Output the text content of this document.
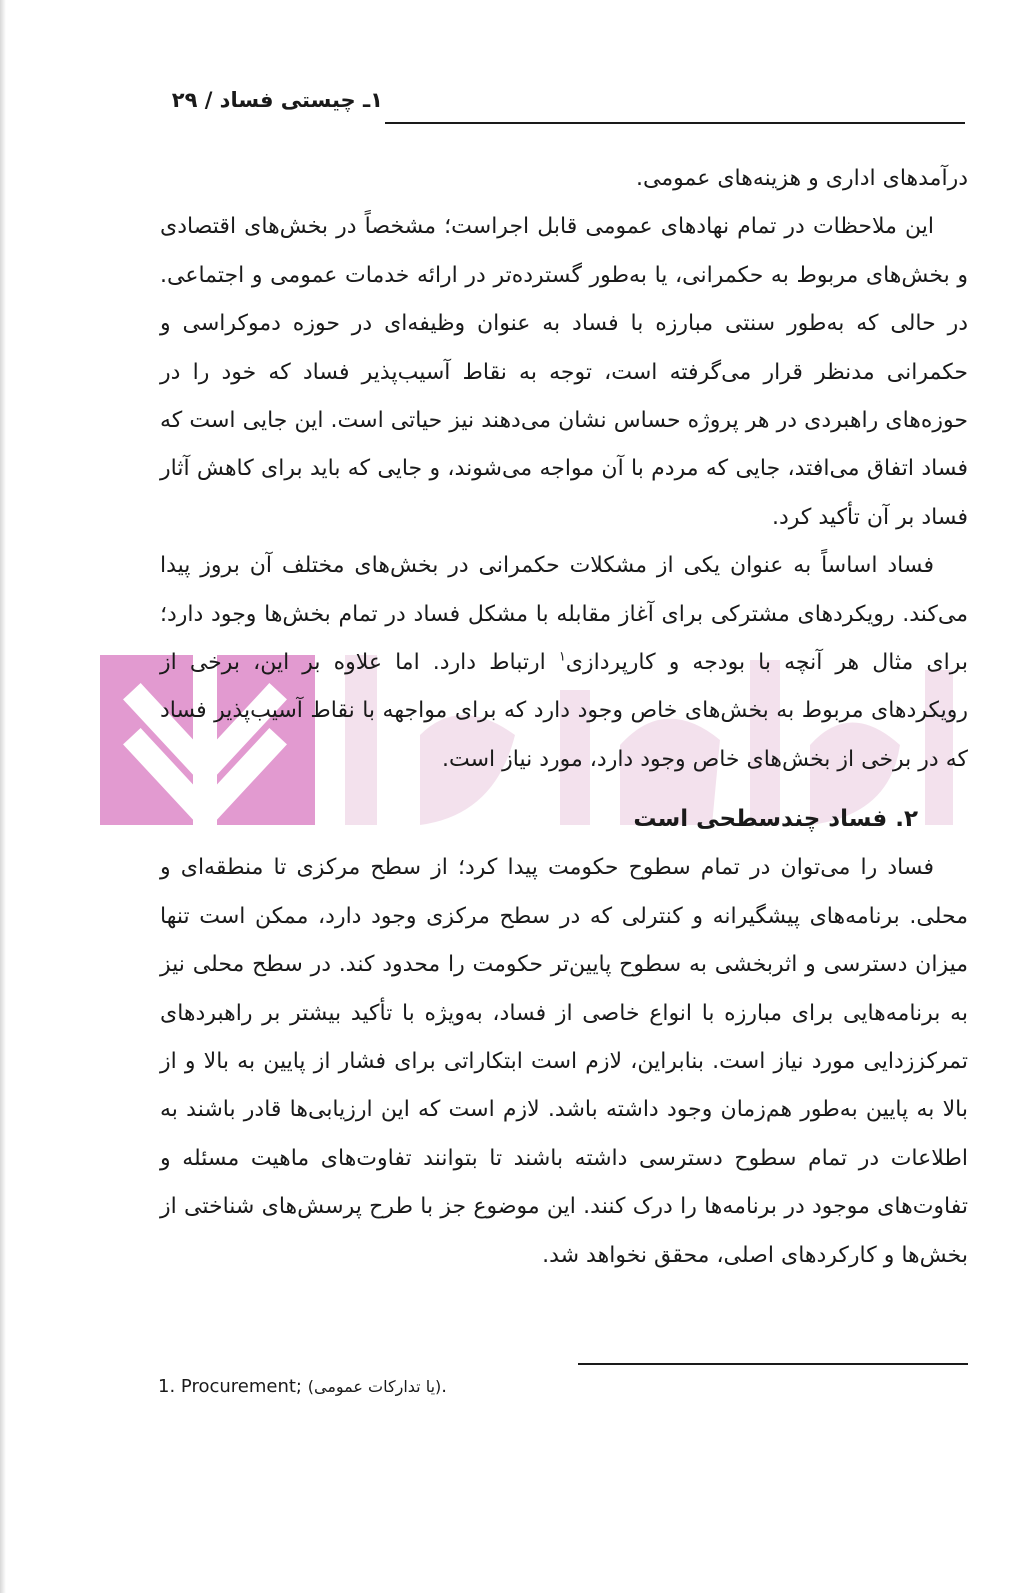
۱ـ چیستی فساد / ۲۹

درآمدهای اداری و هزینه‌های عمومی.

این ملاحظات در تمام نهادهای عمومی قابل اجراست؛ مشخصاً در بخش‌های اقتصادی و بخش‌های مربوط به حکمرانی، یا به‌طور گسترده‌تر در ارائه خدمات عمومی و اجتماعی. در حالی که به‌طور سنتی مبارزه با فساد به عنوان وظیفه‌ای در حوزه دموکراسی و حکمرانی مدنظر قرار می‌گرفته است، توجه به نقاط آسیب‌پذیر فساد که خود را در حوزه‌های راهبردی در هر پروژه حساس نشان می‌دهند نیز حیاتی است. این جایی است که فساد اتفاق می‌افتد، جایی که مردم با آن مواجه می‌شوند، و جایی که باید برای کاهش آثار فساد بر آن تأکید کرد.

فساد اساساً به عنوان یکی از مشکلات حکمرانی در بخش‌های مختلف آن بروز پیدا می‌کند. رویکردهای مشترکی برای آغاز مقابله با مشکل فساد در تمام بخش‌ها وجود دارد؛ برای مثال هر آنچه با بودجه و کارپردازی$^۱$ ارتباط دارد. اما علاوه بر این، برخی از رویکردهای مربوط به بخش‌های خاص وجود دارد که برای مواجهه با نقاط آسیب‌پذیر فساد که در برخی از بخش‌های خاص وجود دارد، مورد نیاز است.

۲. فساد چندسطحی است

فساد را می‌توان در تمام سطوح حکومت پیدا کرد؛ از سطح مرکزی تا منطقه‌ای و محلی. برنامه‌های پیشگیرانه و کنترلی که در سطح مرکزی وجود دارد، ممکن است تنها میزان دسترسی و اثربخشی به سطوح پایین‌تر حکومت را محدود کند. در سطح محلی نیز به برنامه‌هایی برای مبارزه با انواع خاصی از فساد، به‌ویژه با تأکید بیشتر بر راهبردهای تمرکززدایی مورد نیاز است. بنابراین، لازم است ابتکاراتی برای فشار از پایین به بالا و از بالا به پایین به‌طور هم‌زمان وجود داشته باشد. لازم است که این ارزیابی‌ها قادر باشند به اطلاعات در تمام سطوح دسترسی داشته باشند تا بتوانند تفاوت‌های ماهیت مسئله و تفاوت‌های موجود در برنامه‌ها را درک کنند. این موضوع جز با طرح پرسش‌های شناختی از بخش‌ها و کارکردهای اصلی، محقق نخواهد شد.

1. Procurement; (یا تدارکات عمومی).
